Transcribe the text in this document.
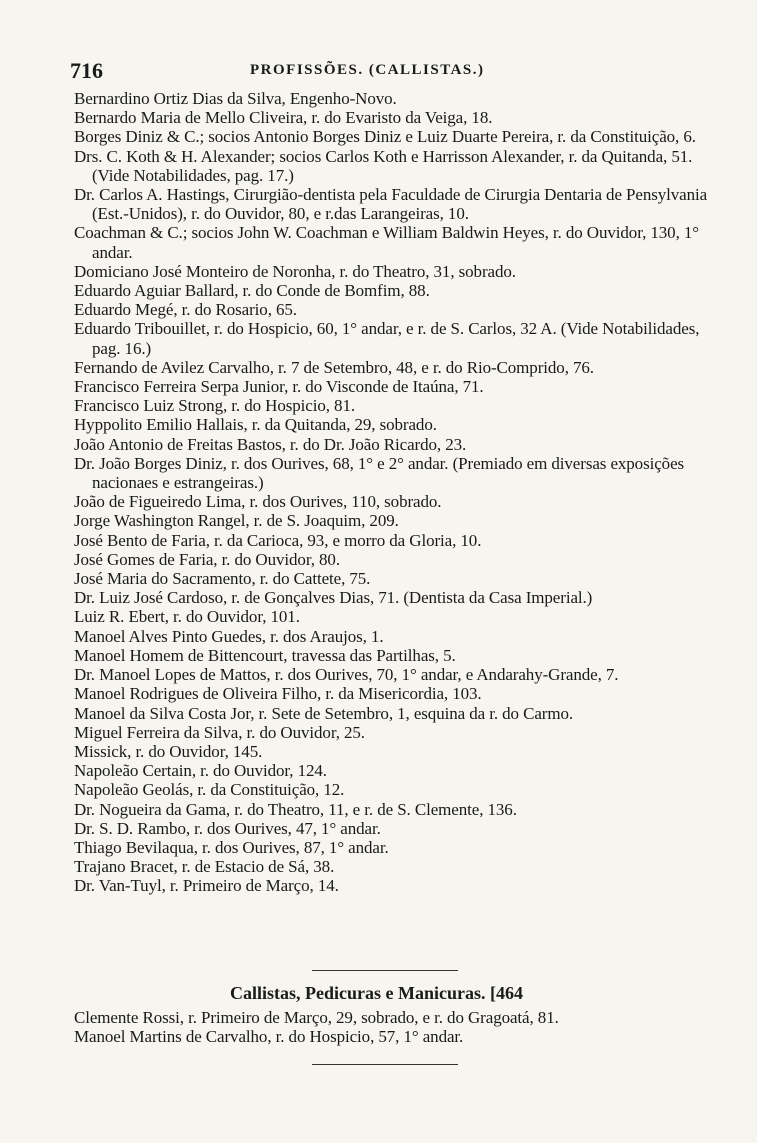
716	PROFISSÕES. (CALLISTAS.)

Bernardino Ortiz Dias da Silva, Engenho-Novo.

Bernardo Maria de Mello Cliveira, r. do Evaristo da Veiga, 18.

Borges Diniz & C.; socios Antonio Borges Diniz e Luiz Duarte Pereira, r. da Constituição, 6.

Drs. C. Koth & H. Alexander; socios Carlos Koth e Harrisson Alexander, r. da Quitanda, 51. (Vide Notabilidades, pag. 17.)

Dr. Carlos A. Hastings, Cirurgião-dentista pela Faculdade de Cirurgia Dentaria de Pensylvania (Est.-Unidos), r. do Ouvidor, 80, e r.das Larangeiras, 10.

Coachman & C.; socios John W. Coachman e William Baldwin Heyes, r. do Ouvidor, 130, 1° andar.

Domiciano José Monteiro de Noronha, r. do Theatro, 31, sobrado.

Eduardo Aguiar Ballard, r. do Conde de Bomfim, 88.

Eduardo Megé, r. do Rosario, 65.

Eduardo Tribouillet, r. do Hospicio, 60, 1° andar, e r. de S. Carlos, 32 A. (Vide Notabilidades, pag. 16.)

Fernando de Avilez Carvalho, r. 7 de Setembro, 48, e r. do Rio-Comprido, 76.

Francisco Ferreira Serpa Junior, r. do Visconde de Itaúna, 71.

Francisco Luiz Strong, r. do Hospicio, 81.

Hyppolito Emilio Hallais, r. da Quitanda, 29, sobrado.

João Antonio de Freitas Bastos, r. do Dr. João Ricardo, 23.

Dr. João Borges Diniz, r. dos Ourives, 68, 1° e 2° andar. (Premiado em diversas exposições nacionaes e estrangeiras.)

João de Figueiredo Lima, r. dos Ourives, 110, sobrado.

Jorge Washington Rangel, r. de S. Joaquim, 209.

José Bento de Faria, r. da Carioca, 93, e morro da Gloria, 10.

José Gomes de Faria, r. do Ouvidor, 80.

José Maria do Sacramento, r. do Cattete, 75.

Dr. Luiz José Cardoso, r. de Gonçalves Dias, 71. (Dentista da Casa Imperial.)

Luiz R. Ebert, r. do Ouvidor, 101.

Manoel Alves Pinto Guedes, r. dos Araujos, 1.

Manoel Homem de Bittencourt, travessa das Partilhas, 5.

Dr. Manoel Lopes de Mattos, r. dos Ourives, 70, 1° andar, e Andarahy-Grande, 7.

Manoel Rodrigues de Oliveira Filho, r. da Misericordia, 103.

Manoel da Silva Costa Jor, r. Sete de Setembro, 1, esquina da r. do Carmo.

Miguel Ferreira da Silva, r. do Ouvidor, 25.

Missick, r. do Ouvidor, 145.

Napoleão Certain, r. do Ouvidor, 124.

Napoleão Geolás, r. da Constituição, 12.

Dr. Nogueira da Gama, r. do Theatro, 11, e r. de S. Clemente, 136.

Dr. S. D. Rambo, r. dos Ourives, 47, 1° andar.

Thiago Bevilaqua, r. dos Ourives, 87, 1° andar.

Trajano Bracet, r. de Estacio de Sá, 38.

Dr. Van-Tuyl, r. Primeiro de Março, 14.

Callistas, Pedicuras e Manicuras. [464

Clemente Rossi, r. Primeiro de Março, 29, sobrado, e r. do Gragoatá, 81.

Manoel Martins de Carvalho, r. do Hospicio, 57, 1° andar.
